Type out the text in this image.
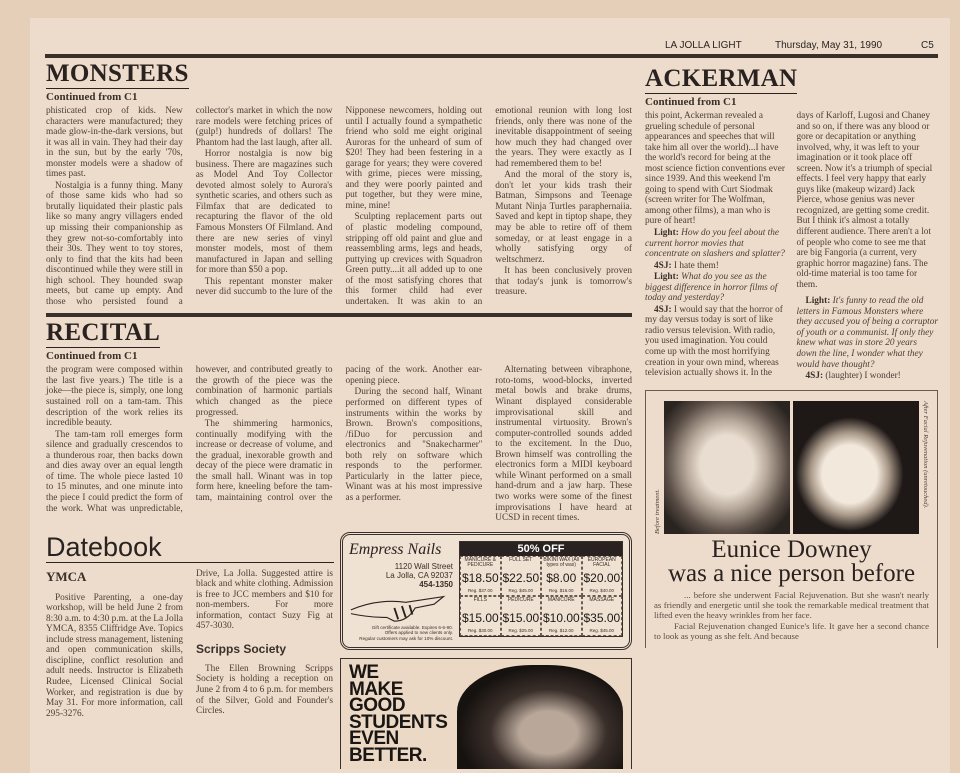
LA JOLLA LIGHT	Thursday, May 31, 1990	C5
MONSTERS
Continued from C1

phisticated crop of kids. New characters were manufactured; they made glow-in-the-dark versions, but it was all in vain. They had their day in the sun, but by the early '70s, monster models were a shadow of times past.

Nostalgia is a funny thing. Many of those same kids who had so brutally liquidated their plastic pals like so many angry villagers ended up missing their companionship as they grew not-so-comfortably into their 30s. They went to toy stores, only to find that the kits had been discontinued while they were still in high school. They hounded swap meets, but came up empty. And those who persisted found a collector's market in which the now rare models were fetching prices of (gulp!) hundreds of dollars! The Phantom had the last laugh, after all.

Horror nostalgia is now big business. There are magazines such as Model And Toy Collector devoted almost solely to Aurora's synthetic scaries, and others such as Filmfax that are dedicated to recapturing the flavor of the old Famous Monsters Of Filmland. And there are new series of vinyl monster models, most of them manufactured in Japan and selling for more than $50 a pop.

This repentant monster maker never did succumb to the lure of the Nipponese newcomers, holding out until I actually found a sympathetic friend who sold me eight original Auroras for the unheard of sum of $20! They had been festering in a garage for years; they were covered with grime, pieces were missing, and they were poorly painted and put together, but they were mine, mine, mine!

Sculpting replacement parts out of plastic modeling compound, stripping off old paint and glue and reassembling arms, legs and heads, puttying up crevices with Squadron Green putty....it all added up to one of the most satisfying chores that this former child had ever undertaken. It was akin to an emotional reunion with long lost friends, only there was none of the inevitable disappointment of seeing how much they had changed over the years. They were exactly as I had remembered them to be!

And the moral of the story is, don't let your kids trash their Batman, Simpsons and Teenage Mutant Ninja Turtles paraphernaiia. Saved and kept in tiptop shape, they may be able to retire off of them someday, or at least engage in a wholly satisfying orgy of weltschmerz.

It has been conclusively proven that today's junk is tomorrow's treasure.

RECITAL
Continued from C1

the program were composed within the last five years.) The title is a joke—the piece is, simply, one long sustained roll on a tam-tam. This description of the work relies its incredible beauty.

The tam-tam roll emerges form silence and gradually crescendos to a thunderous roar, then backs down and dies away over an equal length of time. The whole piece lasted 10 to 15 minutes, and one minute into the piece I could predict the form of the work. What was unpredictable, however, and contributed greatly to the growth of the piece was the combination of harmonic partials which changed as the piece progressed.

The shimmering harmonics, continually modifying with the increase or decrease of volume, and the gradual, inexorable growth and decay of the piece were dramatic in the small hall. Winant was in top form here, kneeling before the tam-tam, maintaining control over the pacing of the work. Another ear-opening piece.

During the second half, Winant performed on different types of instruments within the works by Brown. Brown's compositions, /fiDuo for percussion and electronics and ''Snakecharmer'' both rely on software which responds to the performer. Particularly in the latter piece, Winant was at his most impressive as a performer.

Alternating between vibraphone, roto-toms, wood-blocks, inverted metal bowls and brake drums, Winant displayed considerable improvisational skill and instrumental virtuosity. Brown's computer-controlled sounds added to the excitement. In the Duo, Brown himself was controlling the electronics form a MIDI keyboard while Winant performed on a small hand-drum and a jaw harp. These two works were some of the finest improvisations I have heard at UCSD in recent times.

Datebook
YMCA

Positive Parenting, a one-day workshop, will be held June 2 from 8:30 a.m. to 4:30 p.m. at the La Jolla YMCA, 8355 Cliffridge Ave. Topics include stress management, listening and open communication skills, discipline, conflict resolution and adult needs. Instructor is Elizabeth Rudee, Licensed Clinical Social Worker, and registration is due by May 31. For more information, call 295-3276.

Drive, La Jolla. Suggested attire is black and white clothing. Admission is free to JCC members and $10 for non-members. For more information, contact Suzy Fig at 457-3030.

Scripps Society

The Ellen Browning Scripps Society is holding a reception on June 2 from 4 to 6 p.m. for members of the Silver, Gold and Founder's Circles.

Empress Nails
1120 Wall Street
La Jolla, CA 92037
454-1350
Gift certificate available. Expires 6-6-90.
Offers applied to new clients only.
Regular customers may ask for 10% discount.
50% OFF
MANICURE & PEDICURE
$18.50
Reg. $37.00
FULL SET
$22.50
Reg. $45.00
BIKINI WAX (All types of wax)
$8.00
Reg. $16.00
EUROPEAN FACIAL
$20.00
Reg. $40.00
FILLS
$15.00
Reg. $30.00
PEDICURE
$15.00
Reg. $25.00
MANICURE
$10.00
Reg. $12.00
MASSAGE
$35.00
Reg. $45.00
WE
MAKE
GOOD
STUDENTS
EVEN
BETTER.
ACKERMAN
Continued from C1

this point, Ackerman revealed a grueling schedule of personal appearances and speeches that will take him all over the world)...I have the world's record for being at the most science fiction conventions ever since 1939. And this weekend I'm going to spend with Curt Siodmak (screen writer for The Wolfman, among other films), a man who is pure of heart!

Light: How do you feel about the current horror movies that concentrate on slashers and splatter?

4SJ: I hate them!

Light: What do you see as the biggest difference in horror films of today and yesterday?

4SJ: I would say that the horror of my day versus today is sort of like radio versus television. With radio, you used imagination. You could come up with the most horrifying creation in your own mind, whereas television actually shows it. In the days of Karloff, Lugosi and Chaney and so on, if there was any blood or gore or decapitation or anything involved, why, it was left to your imagination or it took place off screen. Now it's a triumph of special effects. I feel very happy that early guys like (makeup wizard) Jack Pierce, whose genius was never recognized, are getting some credit. But I think it's almost a totally different audience. There aren't a lot of people who come to see me that are big Fangoria (a current, very graphic horror magazine) fans. The old-time material is too tame for them.

Light: It's funny to read the old letters in Famous Monsters where they accused you of being a corruptor of youth or a communist. If only they knew what was in store 20 years down the line, I wonder what they would have thought?

4SJ: (laughter) I wonder!

Before treatment.
After Facial Rejuvenation (unretouched).
Eunice Downey
was a nice person before

... before she underwent Facial Rejuvenation. But she wasn't nearly as friendly and energetic until she took the remarkable medical treatment that lifted even the heavy wrinkles from her face.

Facial Rejuvenation changed Eunice's life. It gave her a second chance to look as young as she felt. And because
